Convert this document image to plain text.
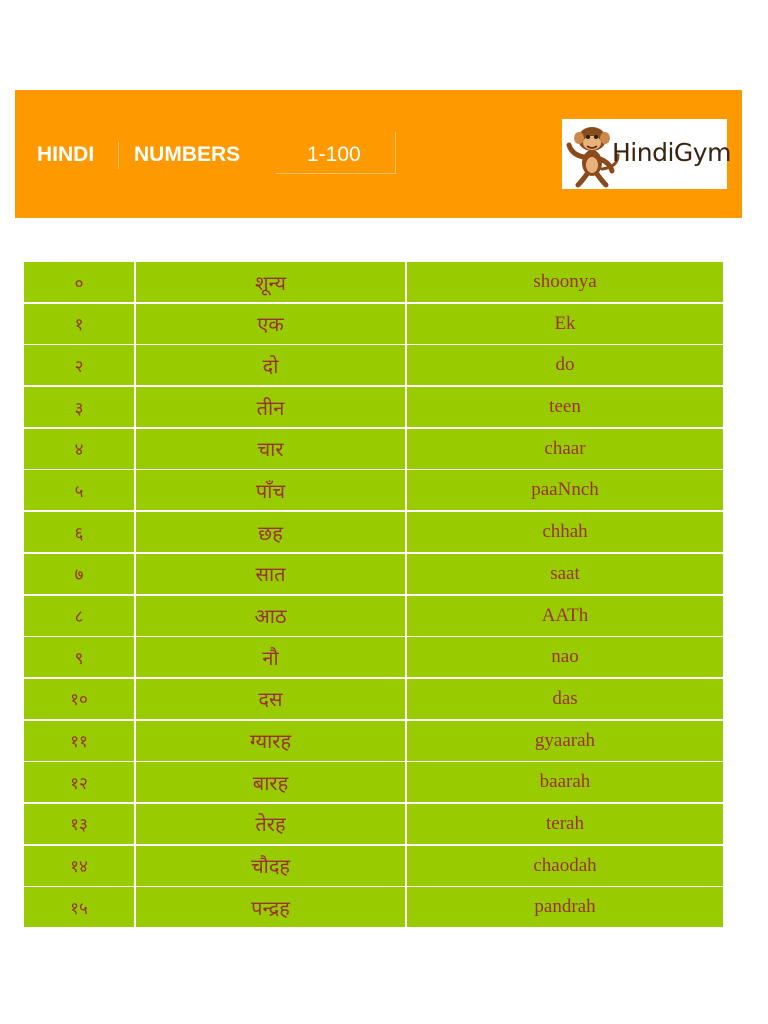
HINDI NUMBERS	1-100	HindiGym
०	शून्य	shoonya
१	एक	Ek
२	दो	do
३	तीन	teen
४	चार	chaar
५	पाँच	paaNnch
६	छह	chhah
७	सात	saat
८	आठ	AATh
९	नौ	nao
१०	दस	das
११	ग्यारह	gyaarah
१२	बारह	baarah
१३	तेरह	terah
१४	चौदह	chaodah
१५	पन्द्रह	pandrah
